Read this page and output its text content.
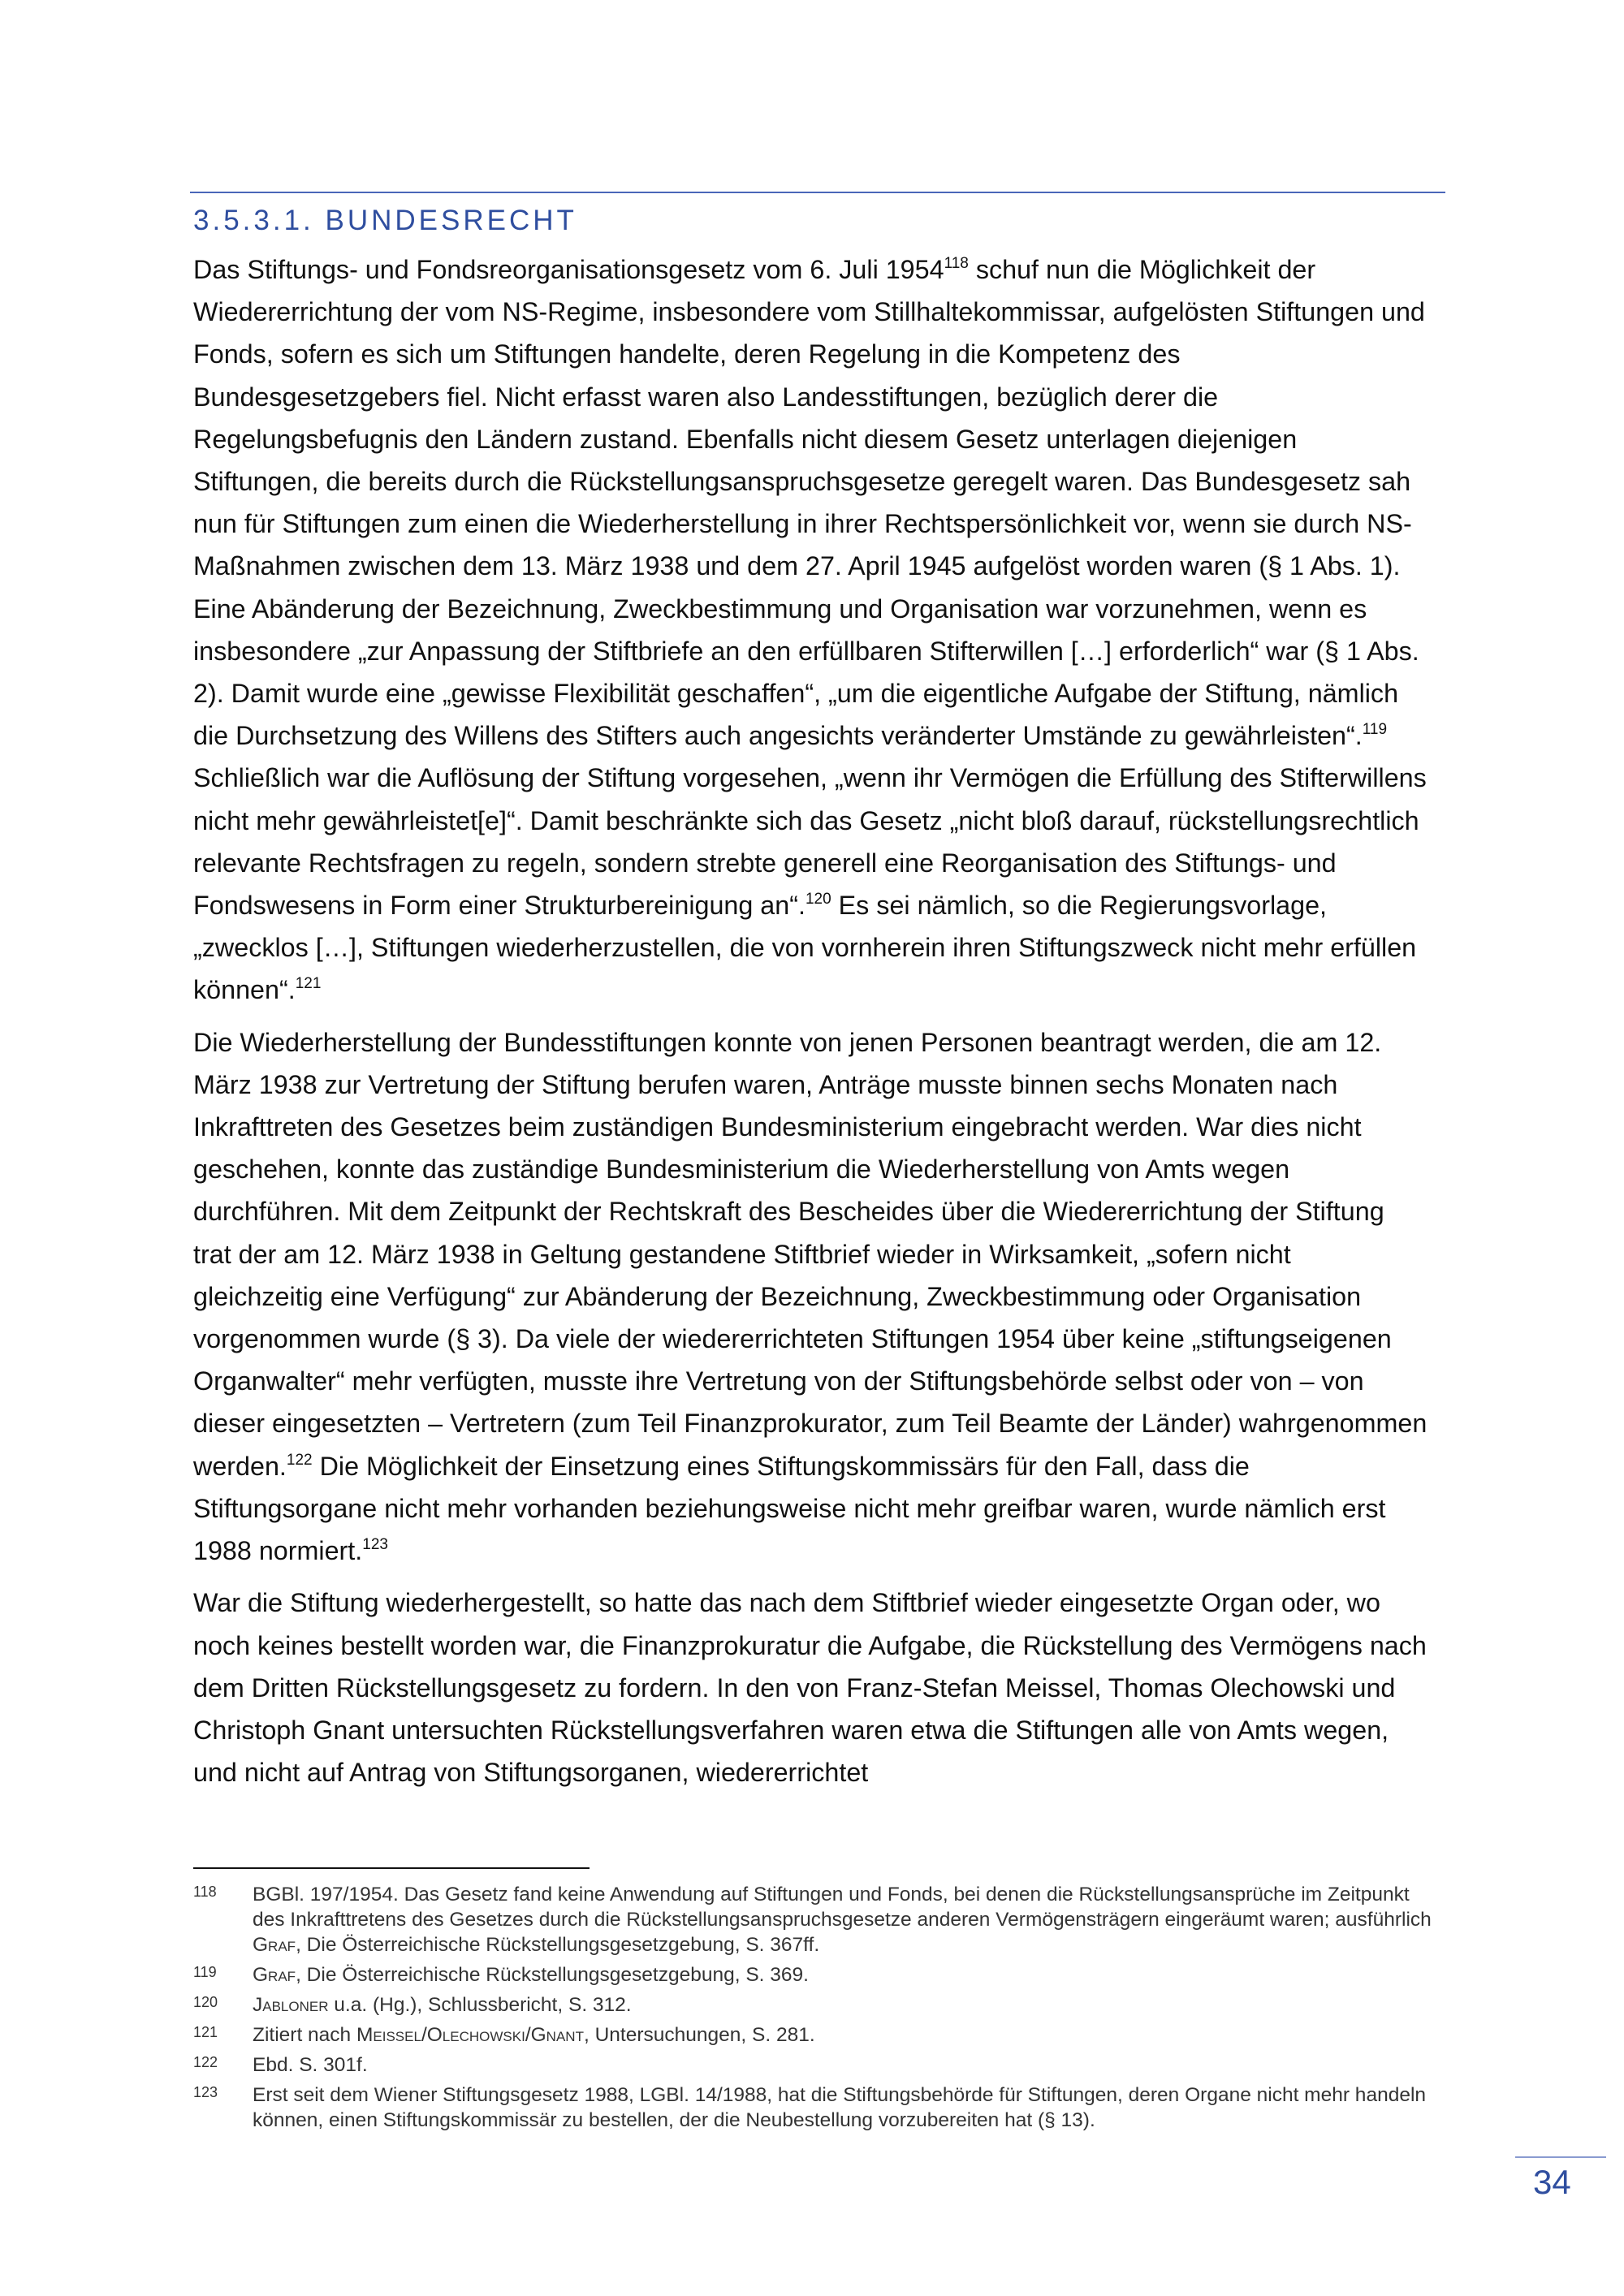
3.5.3.1. BUNDESRECHT

Das Stiftungs- und Fondsreorganisationsgesetz vom 6. Juli 1954$^{118}$ schuf nun die Möglichkeit der Wiedererrichtung der vom NS-Regime, insbesondere vom Stillhaltekommissar, aufgelösten Stiftungen und Fonds, sofern es sich um Stiftungen handelte, deren Regelung in die Kompetenz des Bundesgesetzgebers fiel. Nicht erfasst waren also Landesstiftungen, bezüglich derer die Regelungsbefugnis den Ländern zustand. Ebenfalls nicht diesem Gesetz unterlagen diejenigen Stiftungen, die bereits durch die Rückstellungsanspruchsgesetze geregelt waren. Das Bundesgesetz sah nun für Stiftungen zum einen die Wiederherstellung in ihrer Rechtspersönlichkeit vor, wenn sie durch NS-Maßnahmen zwischen dem 13. März 1938 und dem 27. April 1945 aufgelöst worden waren (§ 1 Abs. 1). Eine Abänderung der Bezeichnung, Zweckbestimmung und Organisation war vorzunehmen, wenn es insbesondere „zur Anpassung der Stiftbriefe an den erfüllbaren Stifterwillen […] erforderlich“ war (§ 1 Abs. 2). Damit wurde eine „gewisse Flexibilität geschaffen“, „um die eigentliche Aufgabe der Stiftung, nämlich die Durchsetzung des Willens des Stifters auch angesichts veränderter Umstände zu gewährleisten“.$^{119}$ Schließlich war die Auflösung der Stiftung vorgesehen, „wenn ihr Vermögen die Erfüllung des Stifterwillens nicht mehr gewährleistet[e]“. Damit beschränkte sich das Gesetz „nicht bloß darauf, rückstellungsrechtlich relevante Rechtsfragen zu regeln, sondern strebte generell eine Reorganisation des Stiftungs- und Fondswesens in Form einer Strukturbereinigung an“.$^{120}$ Es sei nämlich, so die Regierungsvorlage, „zwecklos […], Stiftungen wiederherzustellen, die von vornherein ihren Stiftungszweck nicht mehr erfüllen können“.$^{121}$

Die Wiederherstellung der Bundesstiftungen konnte von jenen Personen beantragt werden, die am 12. März 1938 zur Vertretung der Stiftung berufen waren, Anträge musste binnen sechs Monaten nach Inkrafttreten des Gesetzes beim zuständigen Bundesministerium eingebracht werden. War dies nicht geschehen, konnte das zuständige Bundesministerium die Wiederherstellung von Amts wegen durchführen. Mit dem Zeitpunkt der Rechtskraft des Bescheides über die Wiedererrichtung der Stiftung trat der am 12. März 1938 in Geltung gestandene Stiftbrief wieder in Wirksamkeit, „sofern nicht gleichzeitig eine Verfügung“ zur Abänderung der Bezeichnung, Zweckbestimmung oder Organisation vorgenommen wurde (§ 3). Da viele der wiedererrichteten Stiftungen 1954 über keine „stiftungseigenen Organwalter“ mehr verfügten, musste ihre Vertretung von der Stiftungsbehörde selbst oder von – von dieser eingesetzten – Vertretern (zum Teil Finanzprokurator, zum Teil Beamte der Länder) wahrgenommen werden.$^{122}$ Die Möglichkeit der Einsetzung eines Stiftungskommissärs für den Fall, dass die Stiftungsorgane nicht mehr vorhanden beziehungsweise nicht mehr greifbar waren, wurde nämlich erst 1988 normiert.$^{123}$

War die Stiftung wiederhergestellt, so hatte das nach dem Stiftbrief wieder eingesetzte Organ oder, wo noch keines bestellt worden war, die Finanzprokuratur die Aufgabe, die Rückstellung des Vermögens nach dem Dritten Rückstellungsgesetz zu fordern. In den von Franz-Stefan Meissel, Thomas Olechowski und Christoph Gnant untersuchten Rückstellungsverfahren waren etwa die Stiftungen alle von Amts wegen, und nicht auf Antrag von Stiftungsorganen, wiedererrichtet

118 BGBl. 197/1954. Das Gesetz fand keine Anwendung auf Stiftungen und Fonds, bei denen die Rückstellungsansprüche im Zeitpunkt des Inkrafttretens des Gesetzes durch die Rückstellungsanspruchsgesetze anderen Vermögensträgern eingeräumt waren; ausführlich Graf, Die Österreichische Rückstellungsgesetzgebung, S. 367ff.
119 Graf, Die Österreichische Rückstellungsgesetzgebung, S. 369.
120 Jabloner u.a. (Hg.), Schlussbericht, S. 312.
121 Zitiert nach Meissel/Olechowski/Gnant, Untersuchungen, S. 281.
122 Ebd. S. 301f.
123 Erst seit dem Wiener Stiftungsgesetz 1988, LGBl. 14/1988, hat die Stiftungsbehörde für Stiftungen, deren Organe nicht mehr handeln können, einen Stiftungskommissär zu bestellen, der die Neubestellung vorzubereiten hat (§ 13).
34
